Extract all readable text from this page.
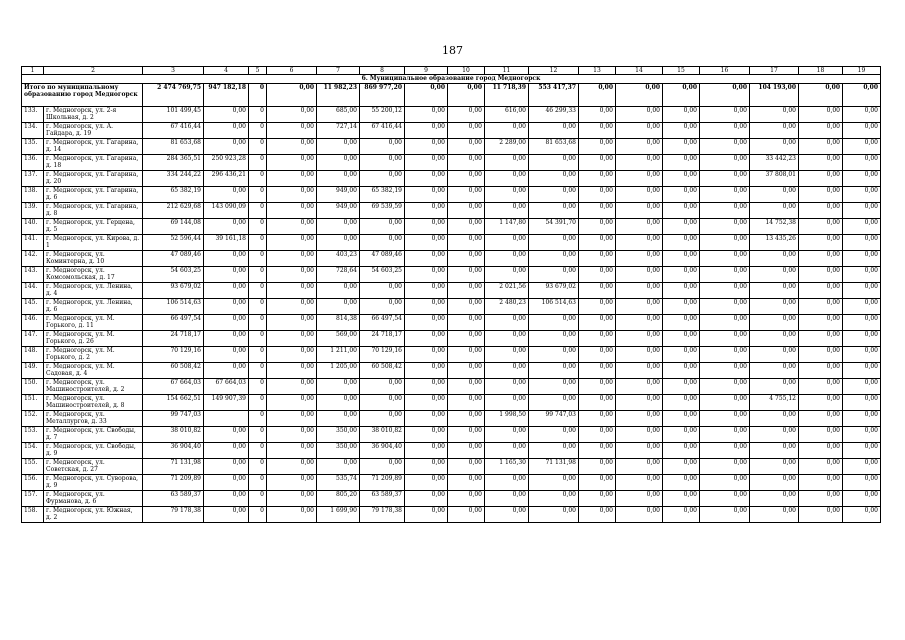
187
1	2	3	4	5	6	7	8	9	10	11	12	13	14	15	16	17	18	19
6. Муниципальное образование город Медногорск																		
Итого по муниципальному образованию город Медногорск		2 474 769,75	947 182,18	0	0,00	11 982,23	869 977,20	0,00	0,00	11 718,39	553 417,37	0,00	0,00	0,00	0,00	104 193,00	0,00	0,00
133.	г. Медногорск, ул. 2-я Школьная, д. 2	101 499,45	0,00	0	0,00	685,00	55 200,12	0,00	0,00	616,00	46 299,33	0,00	0,00	0,00	0,00	0,00	0,00	0,00
134.	г. Медногорск, ул. А. Гайдара, д. 19	67 416,44	0,00	0	0,00	727,14	67 416,44	0,00	0,00	0,00	0,00	0,00	0,00	0,00	0,00	0,00	0,00	0,00
135.	г. Медногорск, ул. Гагарина, д. 14	81 653,68	0,00	0	0,00	0,00	0,00	0,00	0,00	2 289,00	81 653,68	0,00	0,00	0,00	0,00	0,00	0,00	0,00
136.	г. Медногорск, ул. Гагарина, д. 18	284 365,51	250 923,28	0	0,00	0,00	0,00	0,00	0,00	0,00	0,00	0,00	0,00	0,00	0,00	33 442,23	0,00	0,00
137.	г. Медногорск, ул. Гагарина, д. 20	334 244,22	296 436,21	0	0,00	0,00	0,00	0,00	0,00	0,00	0,00	0,00	0,00	0,00	0,00	37 808,01	0,00	0,00
138.	г. Медногорск, ул. Гагарина, д. 6	65 382,19	0,00	0	0,00	949,00	65 382,19	0,00	0,00	0,00	0,00	0,00	0,00	0,00	0,00	0,00	0,00	0,00
139.	г. Медногорск, ул. Гагарина, д. 8	212 629,68	143 090,09	0	0,00	949,00	69 539,59	0,00	0,00	0,00	0,00	0,00	0,00	0,00	0,00	0,00	0,00	0,00
140.	г. Медногорск, ул. Герцена, д. 5	69 144,08	0,00	0	0,00	0,00	0,00	0,00	0,00	1 147,80	54 391,70	0,00	0,00	0,00	0,00	14 752,38	0,00	0,00
141.	г. Медногорск, ул. Кирова, д. 1	52 596,44	39 161,18	0	0,00	0,00	0,00	0,00	0,00	0,00	0,00	0,00	0,00	0,00	0,00	13 435,26	0,00	0,00
142.	г. Медногорск, ул. Коминтерна, д. 10	47 089,46	0,00	0	0,00	403,23	47 089,46	0,00	0,00	0,00	0,00	0,00	0,00	0,00	0,00	0,00	0,00	0,00
143.	г. Медногорск, ул. Комсомольская, д. 17	54 603,25	0,00	0	0,00	728,64	54 603,25	0,00	0,00	0,00	0,00	0,00	0,00	0,00	0,00	0,00	0,00	0,00
144.	г. Медногорск, ул. Ленина, д. 4	93 679,02	0,00	0	0,00	0,00	0,00	0,00	0,00	2 021,56	93 679,02	0,00	0,00	0,00	0,00	0,00	0,00	0,00
145.	г. Медногорск, ул. Ленина, д. 6	106 514,63	0,00	0	0,00	0,00	0,00	0,00	0,00	2 480,23	106 514,63	0,00	0,00	0,00	0,00	0,00	0,00	0,00
146.	г. Медногорск, ул. М. Горького, д. 11	66 497,54	0,00	0	0,00	814,38	66 497,54	0,00	0,00	0,00	0,00	0,00	0,00	0,00	0,00	0,00	0,00	0,00
147.	г. Медногорск, ул. М. Горького, д. 26	24 718,17	0,00	0	0,00	569,00	24 718,17	0,00	0,00	0,00	0,00	0,00	0,00	0,00	0,00	0,00	0,00	0,00
148.	г. Медногорск, ул. М. Горького, д. 2	70 129,16	0,00	0	0,00	1 211,00	70 129,16	0,00	0,00	0,00	0,00	0,00	0,00	0,00	0,00	0,00	0,00	0,00
149.	г. Медногорск, ул. М. Садовая, д. 4	60 508,42	0,00	0	0,00	1 205,00	60 508,42	0,00	0,00	0,00	0,00	0,00	0,00	0,00	0,00	0,00	0,00	0,00
150.	г. Медногорск, ул. Машиностроителей, д. 2	67 664,03	67 664,03	0	0,00	0,00	0,00	0,00	0,00	0,00	0,00	0,00	0,00	0,00	0,00	0,00	0,00	0,00
151.	г. Медногорск, ул. Машиностроителей, д. 8	154 662,51	149 907,39	0	0,00	0,00	0,00	0,00	0,00	0,00	0,00	0,00	0,00	0,00	0,00	4 755,12	0,00	0,00
152.	г. Медногорск, ул. Металлургов, д. 33	99 747,03		0	0,00	0,00	0,00	0,00	0,00	1 998,50	99 747,03	0,00	0,00	0,00	0,00	0,00	0,00	0,00
153.	г. Медногорск, ул. Свободы, д. 7	38 010,82	0,00	0	0,00	350,00	38 010,82	0,00	0,00	0,00	0,00	0,00	0,00	0,00	0,00	0,00	0,00	0,00
154.	г. Медногорск, ул. Свободы, д. 9	36 904,40	0,00	0	0,00	350,00	36 904,40	0,00	0,00	0,00	0,00	0,00	0,00	0,00	0,00	0,00	0,00	0,00
155.	г. Медногорск, ул. Советская, д. 27	71 131,98	0,00	0	0,00	0,00	0,00	0,00	0,00	1 165,30	71 131,98	0,00	0,00	0,00	0,00	0,00	0,00	0,00
156.	г. Медногорск, ул. Суворова, д. 9	71 209,89	0,00	0	0,00	535,74	71 209,89	0,00	0,00	0,00	0,00	0,00	0,00	0,00	0,00	0,00	0,00	0,00
157.	г. Медногорск, ул. Фурманова, д. 6	63 589,37	0,00	0	0,00	805,20	63 589,37	0,00	0,00	0,00	0,00	0,00	0,00	0,00	0,00	0,00	0,00	0,00
158.	г. Медногорск, ул. Южная, д. 2	79 178,38	0,00	0	0,00	1 699,90	79 178,38	0,00	0,00	0,00	0,00	0,00	0,00	0,00	0,00	0,00	0,00	0,00
